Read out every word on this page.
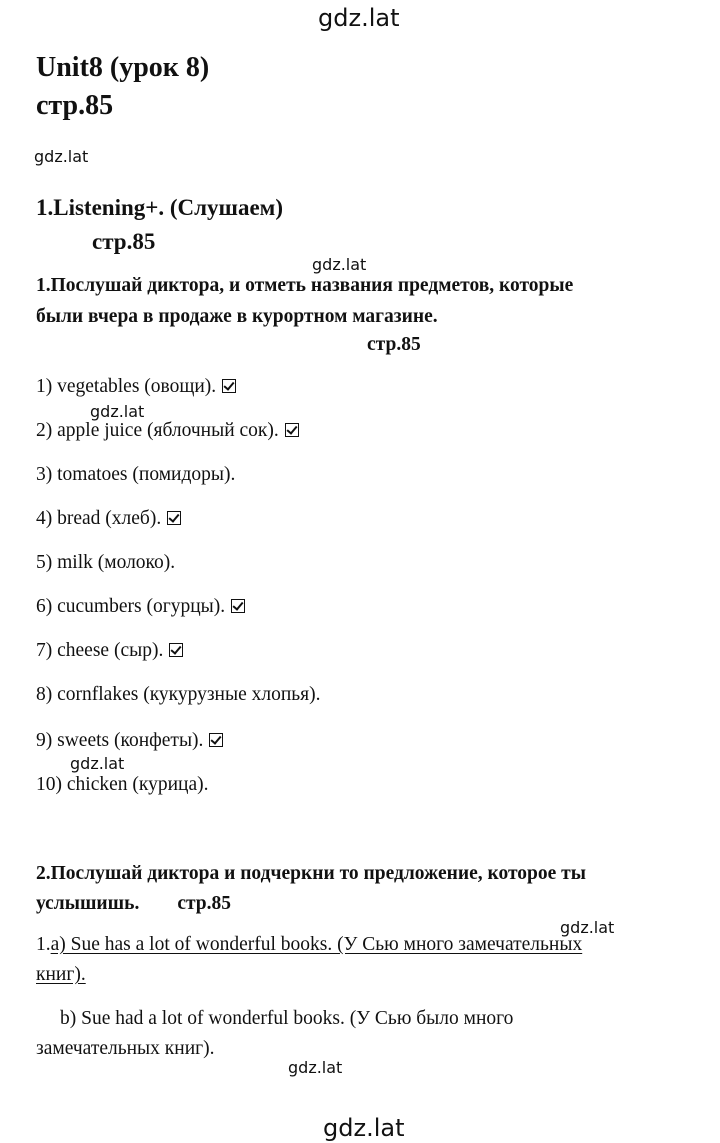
gdz.lat
gdz.lat
gdz.lat
gdz.lat
gdz.lat
gdz.lat
gdz.lat
gdz.lat
Unit8 (урок 8)
стр.85
1.Listening+. (Слушаем)
стр.85
1.Послушай диктора, и отметь названия предметов, которые
были вчера в продаже в курортном магазине.
стр.85
1) vegetables (овощи).
2) apple juice (яблочный сок).
3) tomatoes (помидоры).
4) bread (хлеб).
5) milk (молоко).
6) cucumbers (огурцы).
7) cheese (сыр).
8) cornflakes (кукурузные хлопья).
9) sweets (конфеты).
10) chicken (курица).
2.Послушай диктора и подчеркни то предложение, которое ты
услышишь. стр.85
1.a) Sue has a lot of wonderful books. (У Сью много замечательных
книг).
b) Sue had a lot of wonderful books. (У Сью было много
замечательных книг).
